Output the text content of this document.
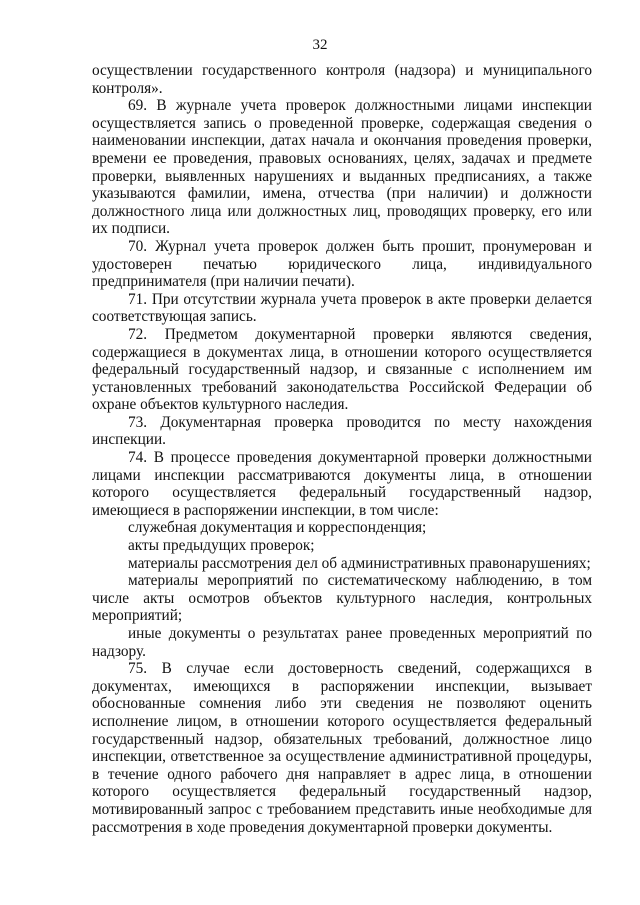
32

осуществлении государственного контроля (надзора) и муниципального контроля».

69. В журнале учета проверок должностными лицами инспекции осуществляется запись о проведенной проверке, содержащая сведения о наименовании инспекции, датах начала и окончания проведения проверки, времени ее проведения, правовых основаниях, целях, задачах и предмете проверки, выявленных нарушениях и выданных предписаниях, а также указываются фамилии, имена, отчества (при наличии) и должности должностного лица или должностных лиц, проводящих проверку, его или их подписи.

70. Журнал учета проверок должен быть прошит, пронумерован и удостоверен печатью юридического лица, индивидуального предпринимателя (при наличии печати).

71. При отсутствии журнала учета проверок в акте проверки делается соответствующая запись.

72. Предметом документарной проверки являются сведения, содержащиеся в документах лица, в отношении которого осуществляется федеральный государственный надзор, и связанные с исполнением им установленных требований законодательства Российской Федерации об охране объектов культурного наследия.

73. Документарная проверка проводится по месту нахождения инспекции.

74. В процессе проведения документарной проверки должностными лицами инспекции рассматриваются документы лица, в отношении которого осуществляется федеральный государственный надзор, имеющиеся в распоряжении инспекции, в том числе:

служебная документация и корреспонденция;

акты предыдущих проверок;

материалы рассмотрения дел об административных правонарушениях;

материалы мероприятий по систематическому наблюдению, в том числе акты осмотров объектов культурного наследия, контрольных мероприятий;

иные документы о результатах ранее проведенных мероприятий по надзору.

75. В случае если достоверность сведений, содержащихся в документах, имеющихся в распоряжении инспекции, вызывает обоснованные сомнения либо эти сведения не позволяют оценить исполнение лицом, в отношении которого осуществляется федеральный государственный надзор, обязательных требований, должностное лицо инспекции, ответственное за осуществление административной процедуры, в течение одного рабочего дня направляет в адрес лица, в отношении которого осуществляется федеральный государственный надзор, мотивированный запрос с требованием представить иные необходимые для рассмотрения в ходе проведения документарной проверки документы.
